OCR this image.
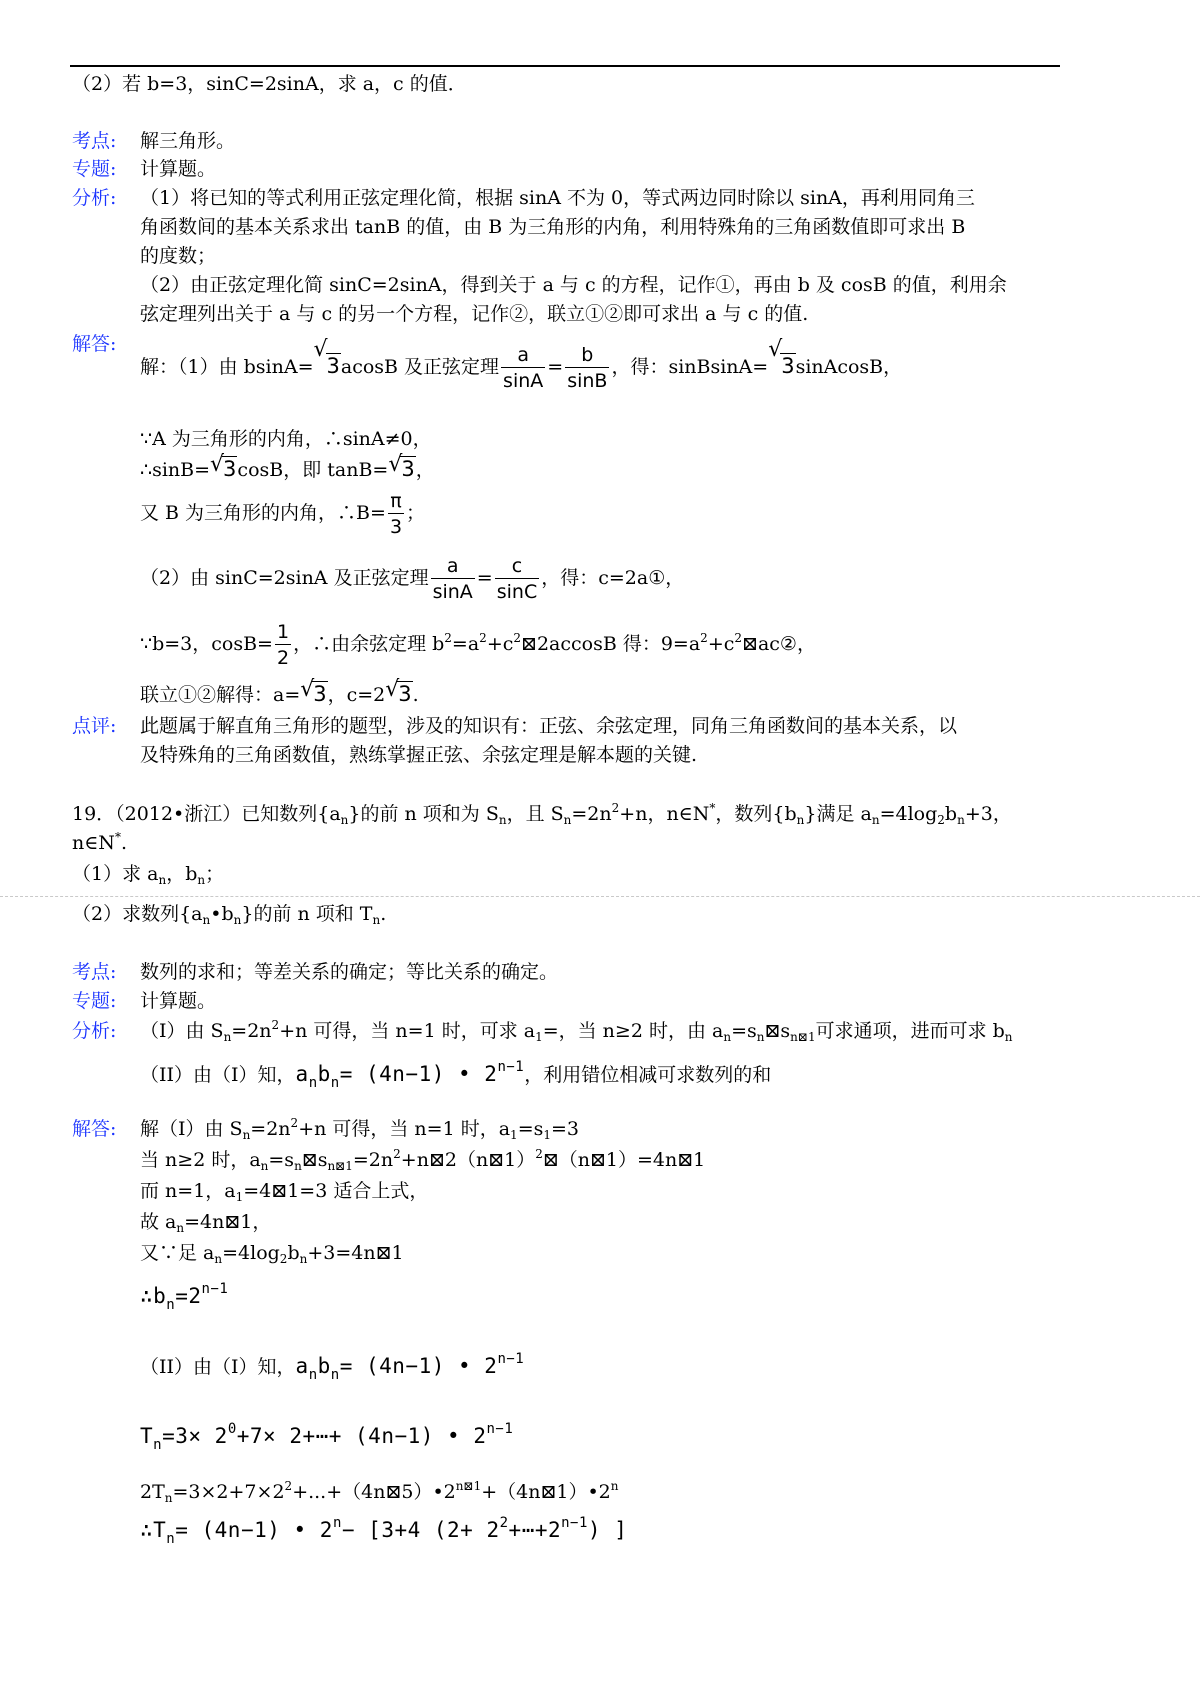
（2）若 b=3，sinC=2sinA，求 a，c 的值．
考点: 解三角形。
专题: 计算题。
分析: （1）将已知的等式利用正弦定理化简，根据 sinA 不为 0，等式两边同时除以 sinA，再利用同角三
角函数间的基本关系求出 tanB 的值，由 B 为三角形的内角，利用特殊角的三角函数值即可求出 B
的度数；
（2）由正弦定理化简 sinC=2sinA，得到关于 a 与 c 的方程，记作①，再由 b 及 cosB 的值，利用余
弦定理列出关于 a 与 c 的另一个方程，记作②，联立①②即可求出 a 与 c 的值.
解答:
解：（1）由 bsinA=
√
3acosB 及正弦定理 $\frac{a}{\sin A} = \frac{b}{\sin B}$ ，得：sinBsinA=
√
3sinAcosB，
∵A 为三角形的内角，∴sinA≠0，
∴sinB= √
3cosB，即 tanB= √
3，
又 B 为三角形的内角，∴B= $\frac{\pi}{3}$ ；
（2）由 sinC=2sinA 及正弦定理 $\frac{a}{\sin A} = \frac{c}{\sin C}$ ，得：c=2a①，
∵b=3，$\cos B= \frac{1}{2}$ ，∴由余弦定理 $b^2=a^2+c^2⊠2accosB$ 得：$9=a^2+c^2⊠ac②$，
联立①②解得：a= √
3，c=2 √
3.
点评: 此题属于解直角三角形的题型，涉及的知识有：正弦、余弦定理，同角三角函数间的基本关系，以
及特殊角的三角函数值，熟练掌握正弦、余弦定理是解本题的关键.
19．（2012•浙江）已知数列$\{a_n\}$的前 n 项和为 $S_n$，且 $S_n=2n^2+n$，n∈N*，数列$\{b_n\}$满足 $a_n=4\log_2b_n+3$，
n∈N*.
（1）求 $a_n$，$b_n$；
（2）求数列$\{a_n•b_n\}$的前 n 项和 $T_n$.
考点: 数列的求和；等差关系的确定；等比关系的确定。
专题: 计算题。
分析: （I）由 $S_n=2n^2+n$ 可得，当 n=1 时，可求 $a_1=$，当 n≥2 时，由 $a_n=s_n⊠s_{n⊠1}$可求通项，进而可求 $b_n$
（II）由（I）知，$a_nb_n= (4n-1)$ • $2^{n-1}$，利用错位相减可求数列的和
解答: 解（I）由 $S_n=2n^2+n$ 可得，当 n=1 时，$a_1=s_1=3$
当 n≥2 时，$a_n=s_n⊠s_{n⊠1}=2n^2+n⊠2(n⊠1)^2⊠(n⊠1)=4n⊠1$
而 n=1，$a_1=4⊠1=3$ 适合上式，
故 $a_n=4n⊠1$，
又∵足 $a_n=4\log_2b_n+3=4n⊠1$
$\therefore b_n=2^{n-1}$
（II）由（I）知，$a_nb_n= (4n-1)$ • $2^{n-1}$
$T_n=3\times 2^0+7\times$ 2+⋯+ (4n−1) • $2^{n-1}$
$2T_n=3\times 2+7\times 2^2+...+(4n⊠5)•2^{n⊠1}+(4n⊠1)•2^n$
$\therefore T_n= (4n-1)$ • $2^n- [3+4$ $(2+ 2^2+\cdots+2^{n-1})$ ]
